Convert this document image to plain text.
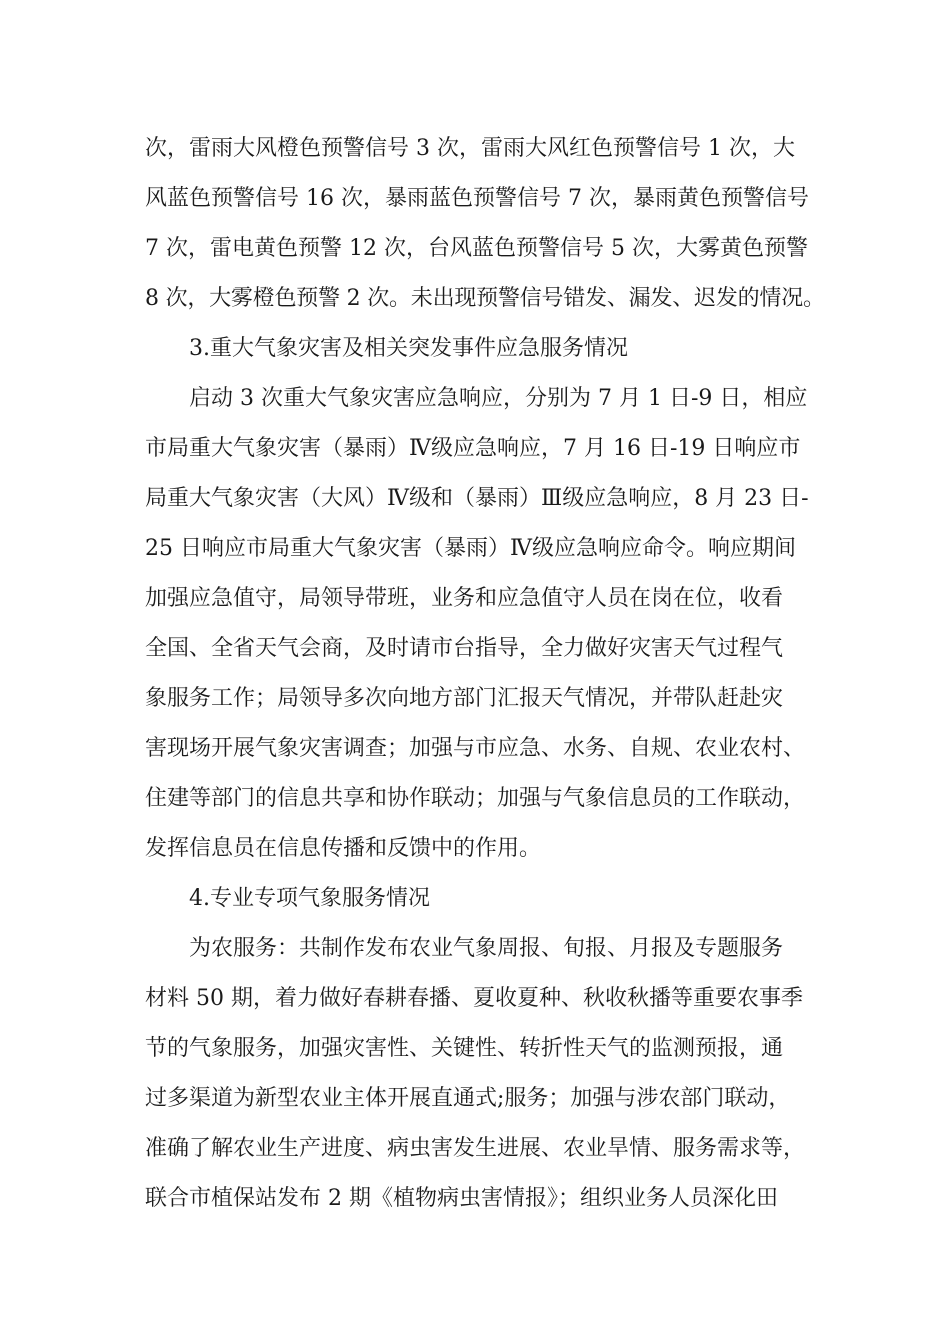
次，雷雨大风橙色预警信号 3 次，雷雨大风红色预警信号 1 次，大
风蓝色预警信号 16 次，暴雨蓝色预警信号 7 次，暴雨黄色预警信号
7 次，雷电黄色预警 12 次，台风蓝色预警信号 5 次，大雾黄色预警
8 次，大雾橙色预警 2 次。未出现预警信号错发、漏发、迟发的情况。
3.重大气象灾害及相关突发事件应急服务情况
启动 3 次重大气象灾害应急响应，分别为 7 月 1 日-9 日，相应
市局重大气象灾害（暴雨）Ⅳ级应急响应，7 月 16 日-19 日响应市
局重大气象灾害（大风）Ⅳ级和（暴雨）Ⅲ级应急响应，8 月 23 日-
25 日响应市局重大气象灾害（暴雨）Ⅳ级应急响应命令。响应期间
加强应急值守，局领导带班，业务和应急值守人员在岗在位，收看
全国、全省天气会商，及时请市台指导，全力做好灾害天气过程气
象服务工作；局领导多次向地方部门汇报天气情况，并带队赶赴灾
害现场开展气象灾害调查；加强与市应急、水务、自规、农业农村、
住建等部门的信息共享和协作联动；加强与气象信息员的工作联动，
发挥信息员在信息传播和反馈中的作用。
4.专业专项气象服务情况
为农服务：共制作发布农业气象周报、旬报、月报及专题服务
材料 50 期，着力做好春耕春播、夏收夏种、秋收秋播等重要农事季
节的气象服务，加强灾害性、关键性、转折性天气的监测预报，通
过多渠道为新型农业主体开展直通式;服务；加强与涉农部门联动，
准确了解农业生产进度、病虫害发生进展、农业旱情、服务需求等，
联合市植保站发布 2 期《植物病虫害情报》；组织业务人员深化田
